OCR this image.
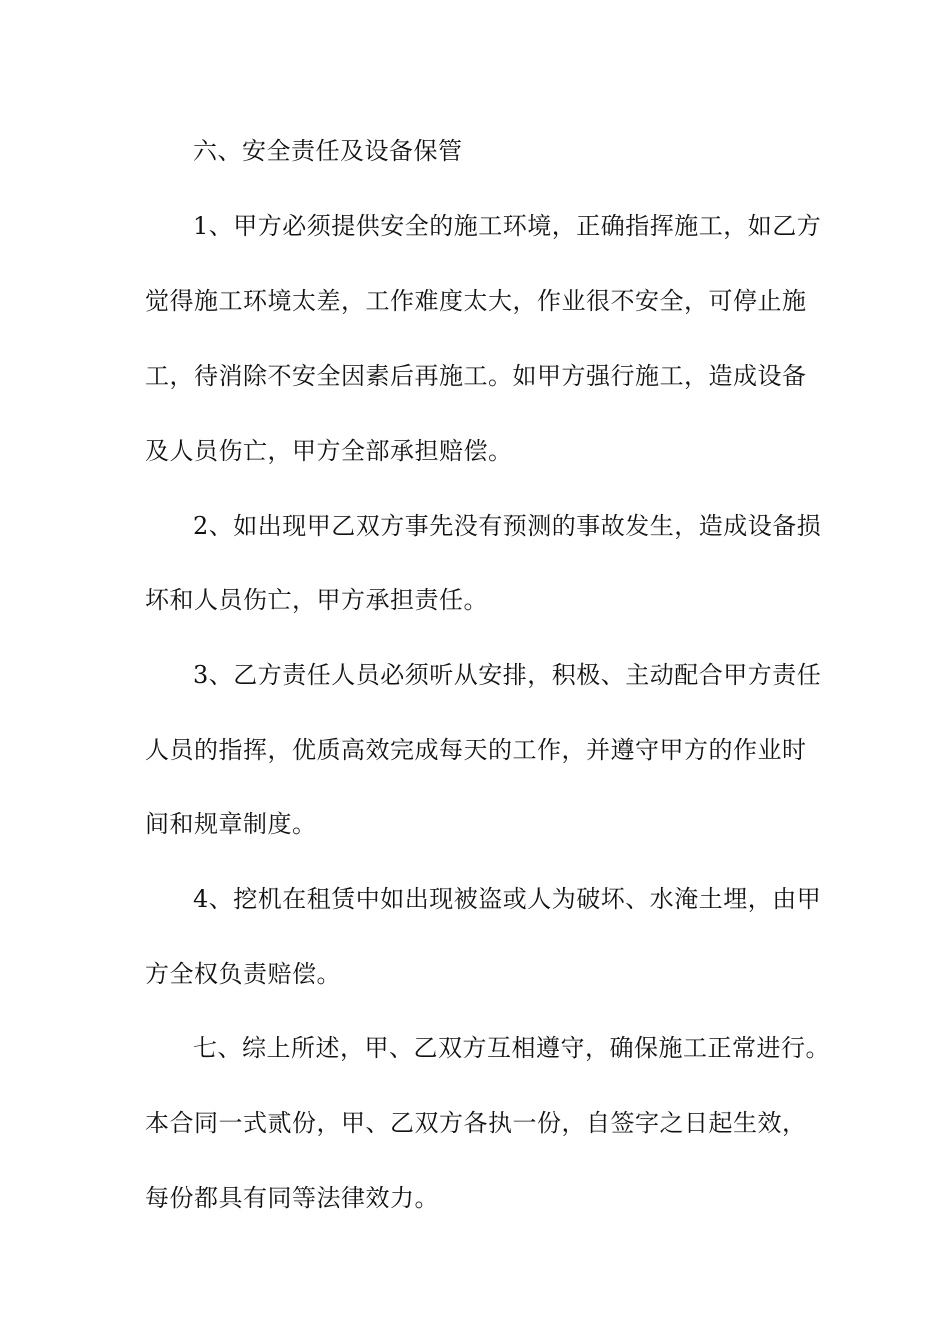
六、安全责任及设备保管
1、甲方必须提供安全的施工环境，正确指挥施工，如乙方
觉得施工环境太差，工作难度太大，作业很不安全，可停止施
工，待消除不安全因素后再施工。如甲方强行施工，造成设备
及人员伤亡，甲方全部承担赔偿。
2、如出现甲乙双方事先没有预测的事故发生，造成设备损
坏和人员伤亡，甲方承担责任。
3、乙方责任人员必须听从安排，积极、主动配合甲方责任
人员的指挥，优质高效完成每天的工作，并遵守甲方的作业时
间和规章制度。
4、挖机在租赁中如出现被盗或人为破坏、水淹土埋，由甲
方全权负责赔偿。
七、综上所述，甲、乙双方互相遵守，确保施工正常进行。
本合同一式贰份，甲、乙双方各执一份，自签字之日起生效，
每份都具有同等法律效力。
